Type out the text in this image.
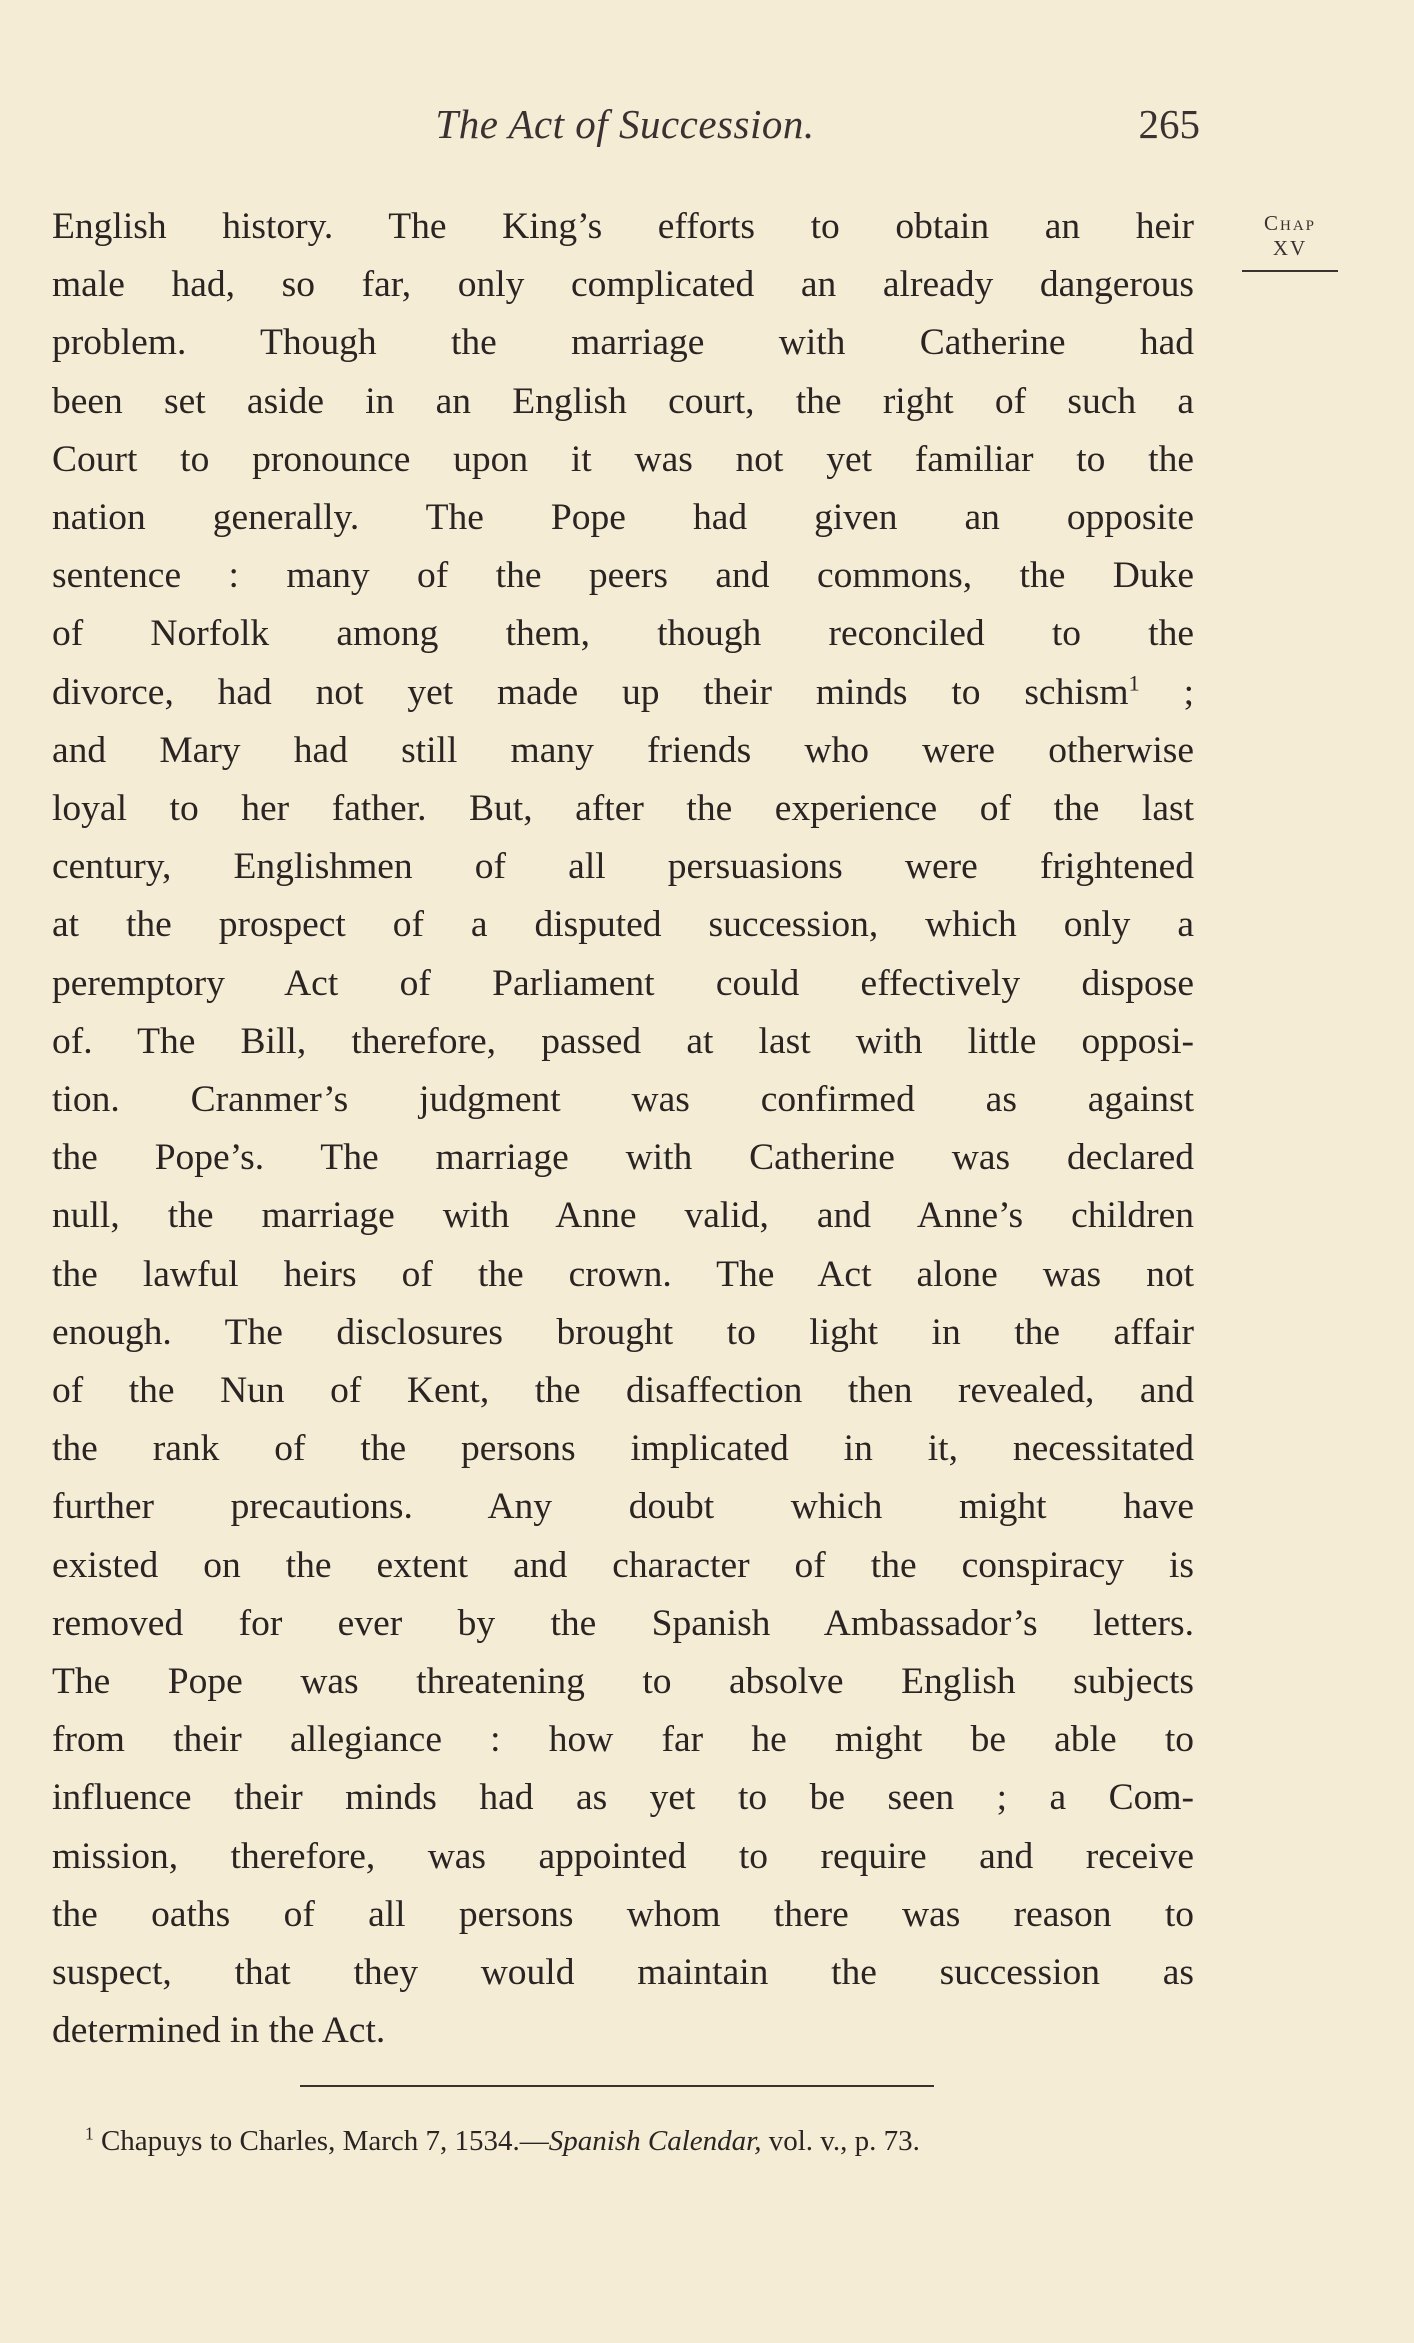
The Act of Succession.	265
Chap
XV
English history. The King’s efforts to obtain an heir
male had, so far, only complicated an already dangerous
problem. Though the marriage with Catherine had
been set aside in an English court, the right of such a
Court to pronounce upon it was not yet familiar to the
nation generally. The Pope had given an opposite
sentence : many of the peers and commons, the Duke
of Norfolk among them, though reconciled to the
divorce, had not yet made up their minds to schism$^1$ ;
and Mary had still many friends who were otherwise
loyal to her father. But, after the experience of the last
century, Englishmen of all persuasions were frightened
at the prospect of a disputed succession, which only a
peremptory Act of Parliament could effectively dispose
of. The Bill, therefore, passed at last with little opposi-
tion. Cranmer’s judgment was confirmed as against
the Pope’s. The marriage with Catherine was declared
null, the marriage with Anne valid, and Anne’s children
the lawful heirs of the crown. The Act alone was not
enough. The disclosures brought to light in the affair
of the Nun of Kent, the disaffection then revealed, and
the rank of the persons implicated in it, necessitated
further precautions. Any doubt which might have
existed on the extent and character of the conspiracy is
removed for ever by the Spanish Ambassador’s letters.
The Pope was threatening to absolve English subjects
from their allegiance : how far he might be able to
influence their minds had as yet to be seen ; a Com-
mission, therefore, was appointed to require and receive
the oaths of all persons whom there was reason to
suspect, that they would maintain the succession as
determined in the Act.
$^1$ Chapuys to Charles, March 7, 1534.—Spanish Calendar, vol. v., p. 73.
